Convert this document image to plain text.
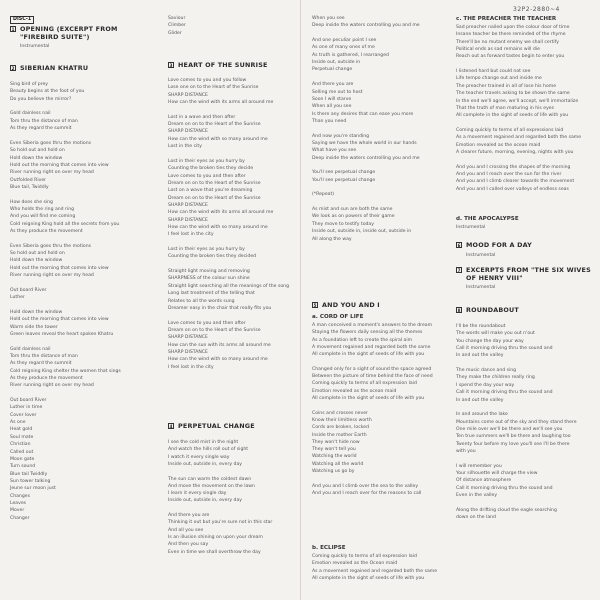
32P2-2880~4
DISC-1
1 OPENING (EXCERPT FROM
"FIREBIRD SUITE")
Instrumental
2 SIBERIAN KHATRU
Sing bird of prey
Beauty begins at the foot of you
Do you believe the mirror?
Gold dainless nail
Tom thru the distance of man
As they regard the summit
Even Siberia goes thru the motions
So hold out and hold on
Hold down the window
Hold out the morning that comes into view
River running right on over my head
Outfolded River
Blue tail, Twiddly
How does she sing
Who holds the ring and ring
And you will find me coming
Cold reigning King hold all the secrets from you
As they produce the movement
Even Siberia goes thru the motions
So hold out and hold on
Hold down the window
Hold out the morning that comes into view
River running right on over my head
Out board River
Luther
Hold down the window
Hold out the morning that comes into view
Warm side the tower
Green leaves reveal the heart spoken Khatru
Gold dainless nail
Tom thru the distance of man
As they regard the summit
Cold reigning King shelter the women that sings
As they produce the movement
River running right on over my head
Out board River
Luther in time
Cover lover
As one
Heat gold
Soul mate
Christian
Called out
Moon gate
Turn sound
Blue tail Twiddly
Sun tower talking
Jeune sur moon just
Changes
Leaves
Mover
Changer
Saviour
Climber
Glider
3 HEART OF THE SUNRISE
Love comes to you and you follow
Lose one on to the Heart of the Sunrise
SHARP DISTANCE
How can the wind with its arms all around me
Lost in a wave and then after
Dream on on to the Heart of the Sunrise
SHARP DISTANCE
How can the wind with so many around me
Lost in the city
Lost in their eyes as you hurry by
Counting the broken ties they decide
Love comes to you and then after
Dream on on to the Heart of the Sunrise
Lost on a wave that you're dreaming
Dream on on to the Heart of the Sunrise
SHARP DISTANCE
How can the wind with its arms all around me
SHARP DISTANCE
How can the wind with so many around me
I feel lost in the city
Lost in their eyes as you hurry by
Counting the broken ties they decided
Straight light moving and removing
SHARPNESS of the colour sun shine
Straight light searching all the meanings of the song
Long last treatment of the telling that
Relates to all the words sung
Dreamer easy in the chair that really fits you
Love comes to you and then after
Dream on on to the Heart of the Sunrise
SHARP DISTANCE
How can the sun with its arms all around me
SHARP DISTANCE
How can the wind with so many around me
I feel lost in the city
4 PERPETUAL CHANGE
I see the cold mist in the night
And watch the hills roll out of sight
I watch it every single way
Inside out, outside in, every day
The sun can warm the coldest dawn
And move the movement on the lawn
I learn it every single day
Inside out, outside in, every day
And there you are
Thinking it out but you're sure not in this star
And all you see
Is an illusion shining on upon your dream
And then you say
Even in time we shall overthrow the day
When you see
Deep inside the waters controlling you and me
And one peculiar point I see
As one of many ones of me
As truth is gathered, I rearranged
Inside out, outside in
Perpetual change
And there you are
Selling me out to host
Soon I will starve
When all you see
Is there any desires that can ease you more
Than you need
And now you're standing
Saying we have the whole world in our hands
What have you see
Deep inside the waters controlling you and me
You'll see perpetual change
You'll see perpetual change
(*Repeat)
As mist and sun are both the same
We look as on powers of their game
They move to testify today
Inside out, outside in, inside out, outside in
All along the way
5 AND YOU AND I
a. CORD OF LIFE
A man conceived a moment's answers to the dream
Staying the flowers daily sensing all the themes
As a foundation left to create the spiral aim
A movement regained and regarded both the same
All complete in the sight of seeds of life with you
Changed only for a sight of sound the space agreed
Between the picture of time behind the face of need
Coming quickly to terms of all expression laid
Emotion revealed as the ocean maid
All complete in the sight of seeds of life with you
Coins and crosses never
Know their limitless worth
Cords are broken, locked
Inside the mother Earth
They won't hide now
They won't tell you
Watching the world
Watching all the world
Watching us go by
And you and I climb over the sea to the valley
And you and I reach over for the reasons to call
b. ECLIPSE
Coming quickly to terms of all expression laid
Emotion revealed as the Ocean maid
As a movement regained and regarded both the same
All complete in the sight of seeds of life with you
c. THE PREACHER THE TEACHER
Sad preacher nailed upon the colour door of time
Insane teacher be there reminded of the rhyme
There'll be no mutant enemy we shall certify
Political ends as sad remains will die
Reach out as forward tastes begin to enter you
I listened hard but could not see
Life tempo change out and inside me
The preacher trained in all of lose his home
The teacher travels asking to be shown the same
In the end we'll agree, we'll accept, we'll immortalize
That the truth of man maturing in his eyes
All complete in the sight of seeds of life with you
Coming quickly to terms of all expressions laid
As a movement regained and regarded both the same
Emotion revealed as the ocean maid
A clearer future, morning, evening, nights with you
And you and I crossing the shapes of the morning
And you and I reach over the sun for the river
And you and I climb clearer towards the movement
And you and I called over valleys of endless seas
d. THE APOCALYPSE
Instrumental
6 MOOD FOR A DAY
Instrumental
7 EXCERPTS FROM "THE SIX WIVES
OF HENRY VIII"
Instrumental
8 ROUNDABOUT
I'll be the roundabout
The words will make you out n'out
You change the day your way
Call it morning driving thru the sound and
In and out the valley
The music dance and sing
They make the children really ring
I spend the day your way
Call it morning driving thru the sound and
In and out the valley
In and around the lake
Mountains come out of the sky and they stand there
One mile over we'll be there and we'll see you
Ten true summers we'll be there and laughing too
Twenty four before my love you'll see I'll be there
with you
I will remember you
Your silhouette will charge the view
Of distance atmosphere
Call it morning driving thru the sound and
Even in the valley
Along the drifting cloud the eagle searching
down on the land
